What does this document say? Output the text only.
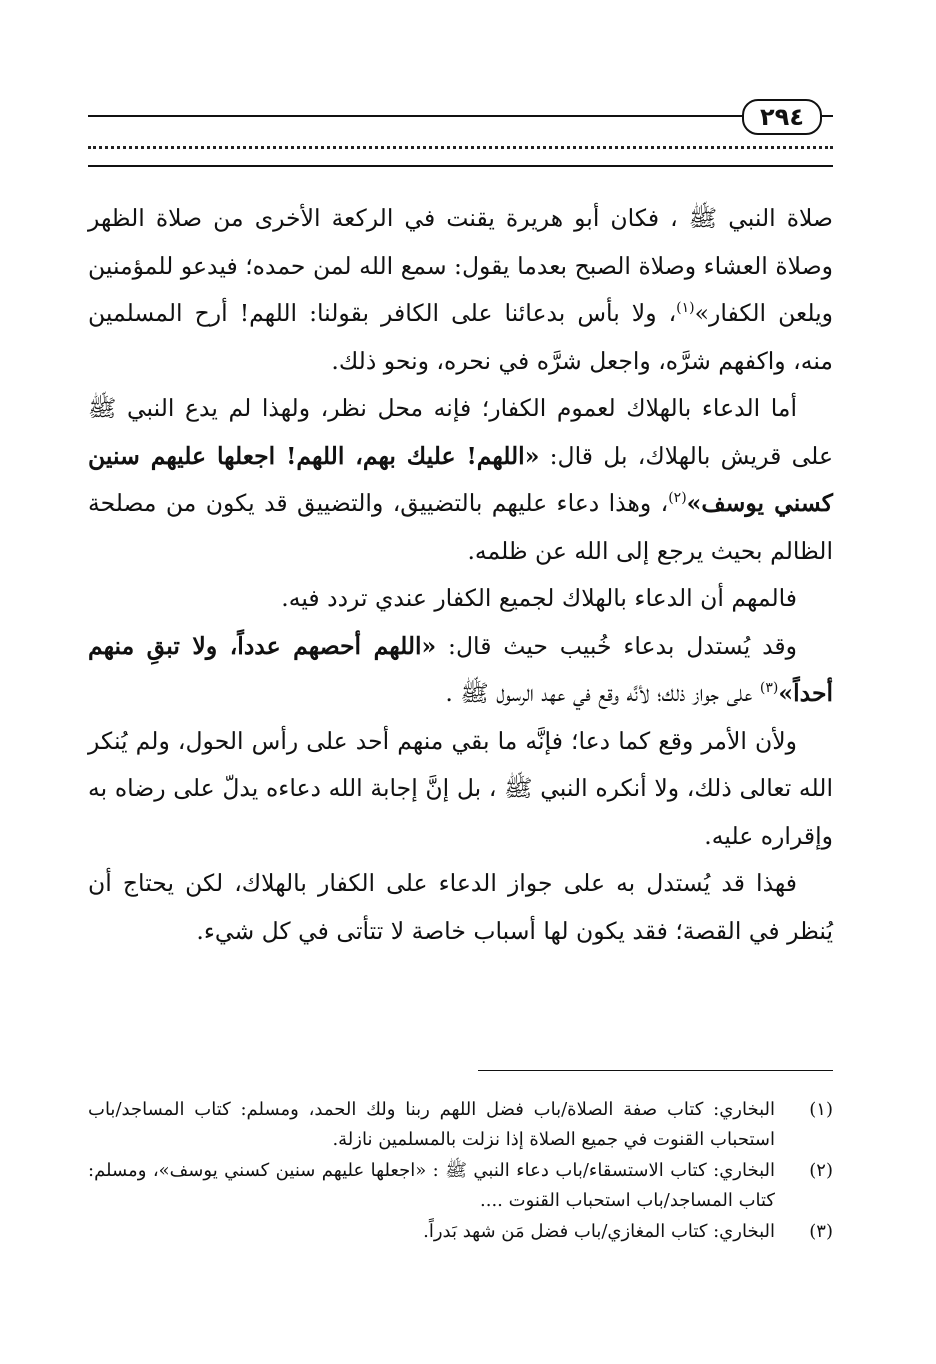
٢٩٤
صلاة النبي ﷺ ، فكان أبو هريرة يقنت في الركعة الأخرى من صلاة الظهر وصلاة العشاء وصلاة الصبح بعدما يقول: سمع الله لمن حمده؛ فيدعو للمؤمنين ويلعن الكفار»$^{(١)}$، ولا بأس بدعائنا على الكافر بقولنا: اللهم! أرح المسلمين منه، واكفهم شرَّه، واجعل شرَّه في نحره، ونحو ذلك.
أما الدعاء بالهلاك لعموم الكفار؛ فإنه محل نظر، ولهذا لم يدع النبي ﷺ على قريش بالهلاك، بل قال: «اللهم! عليك بهم، اللهم! اجعلها عليهم سنين كسني يوسف»$^{(٢)}$، وهذا دعاء عليهم بالتضييق، والتضييق قد يكون من مصلحة الظالم بحيث يرجع إلى الله عن ظلمه.
فالمهم أن الدعاء بالهلاك لجميع الكفار عندي تردد فيه.
وقد يُستدل بدعاء خُبيب حيث قال: «اللهم أحصهم عدداً، ولا تبقِ منهم أحداً»$^{(٣)}$ على جواز ذلك؛ لأنَّه وقع في عهد الرسول ﷺ .
ولأن الأمر وقع كما دعا؛ فإنَّه ما بقي منهم أحد على رأس الحول، ولم يُنكر الله تعالى ذلك، ولا أنكره النبي ﷺ ، بل إنَّ إجابة الله دعاءه يدلّ على رضاه به وإقراره عليه.
فهذا قد يُستدل به على جواز الدعاء على الكفار بالهلاك، لكن يحتاج أن يُنظر في القصة؛ فقد يكون لها أسباب خاصة لا تتأتى في كل شيء.
(١)
البخاري: كتاب صفة الصلاة/باب فضل اللهم ربنا ولك الحمد، ومسلم: كتاب المساجد/باب استحباب القنوت في جميع الصلاة إذا نزلت بالمسلمين نازلة.
(٢)
البخاري: كتاب الاستسقاء/باب دعاء النبي ﷺ : «اجعلها عليهم سنين كسني يوسف»، ومسلم: كتاب المساجد/باب استحباب القنوت ....
(٣)
البخاري: كتاب المغازي/باب فضل مَن شهد بَدراً.
